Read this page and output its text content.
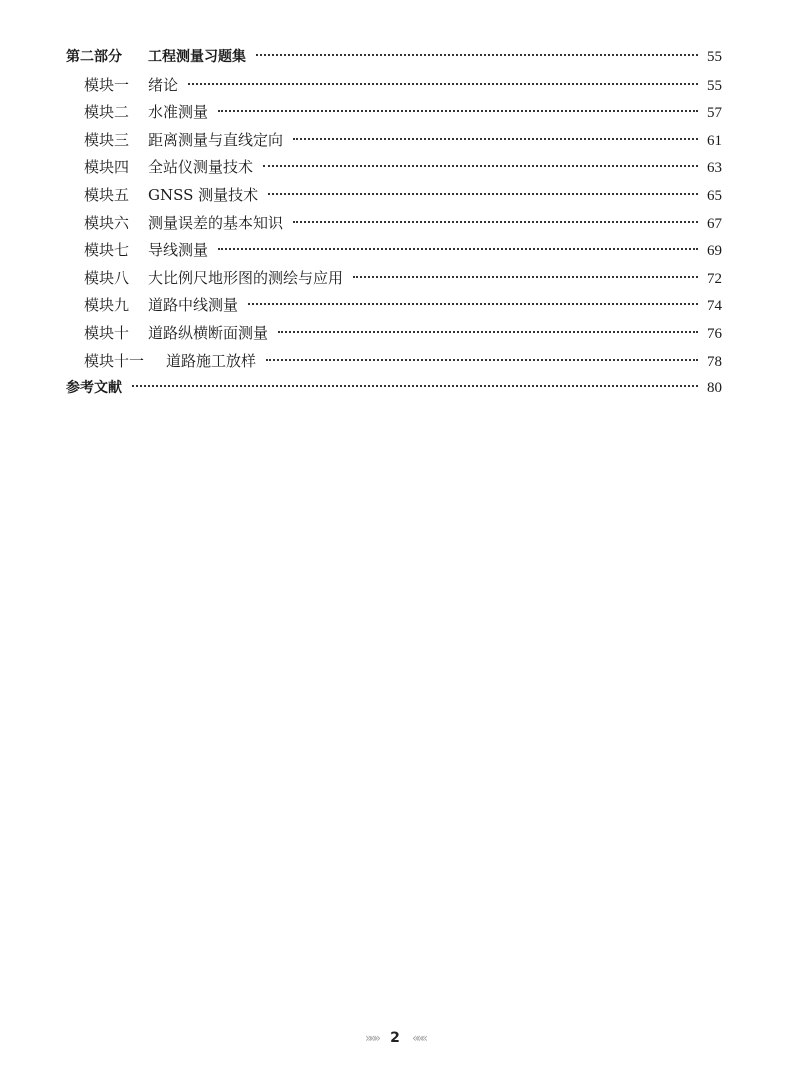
第二部分	工程测量习题集	55
模块一	绪论	55
模块二	水准测量	57
模块三	距离测量与直线定向	61
模块四	全站仪测量技术	63
模块五	GNSS 测量技术	65
模块六	测量误差的基本知识	67
模块七	导线测量	69
模块八	大比例尺地形图的测绘与应用	72
模块九	道路中线测量	74
模块十	道路纵横断面测量	76
模块十一	道路施工放样	78
参考文献	80
»»» 2 «««
